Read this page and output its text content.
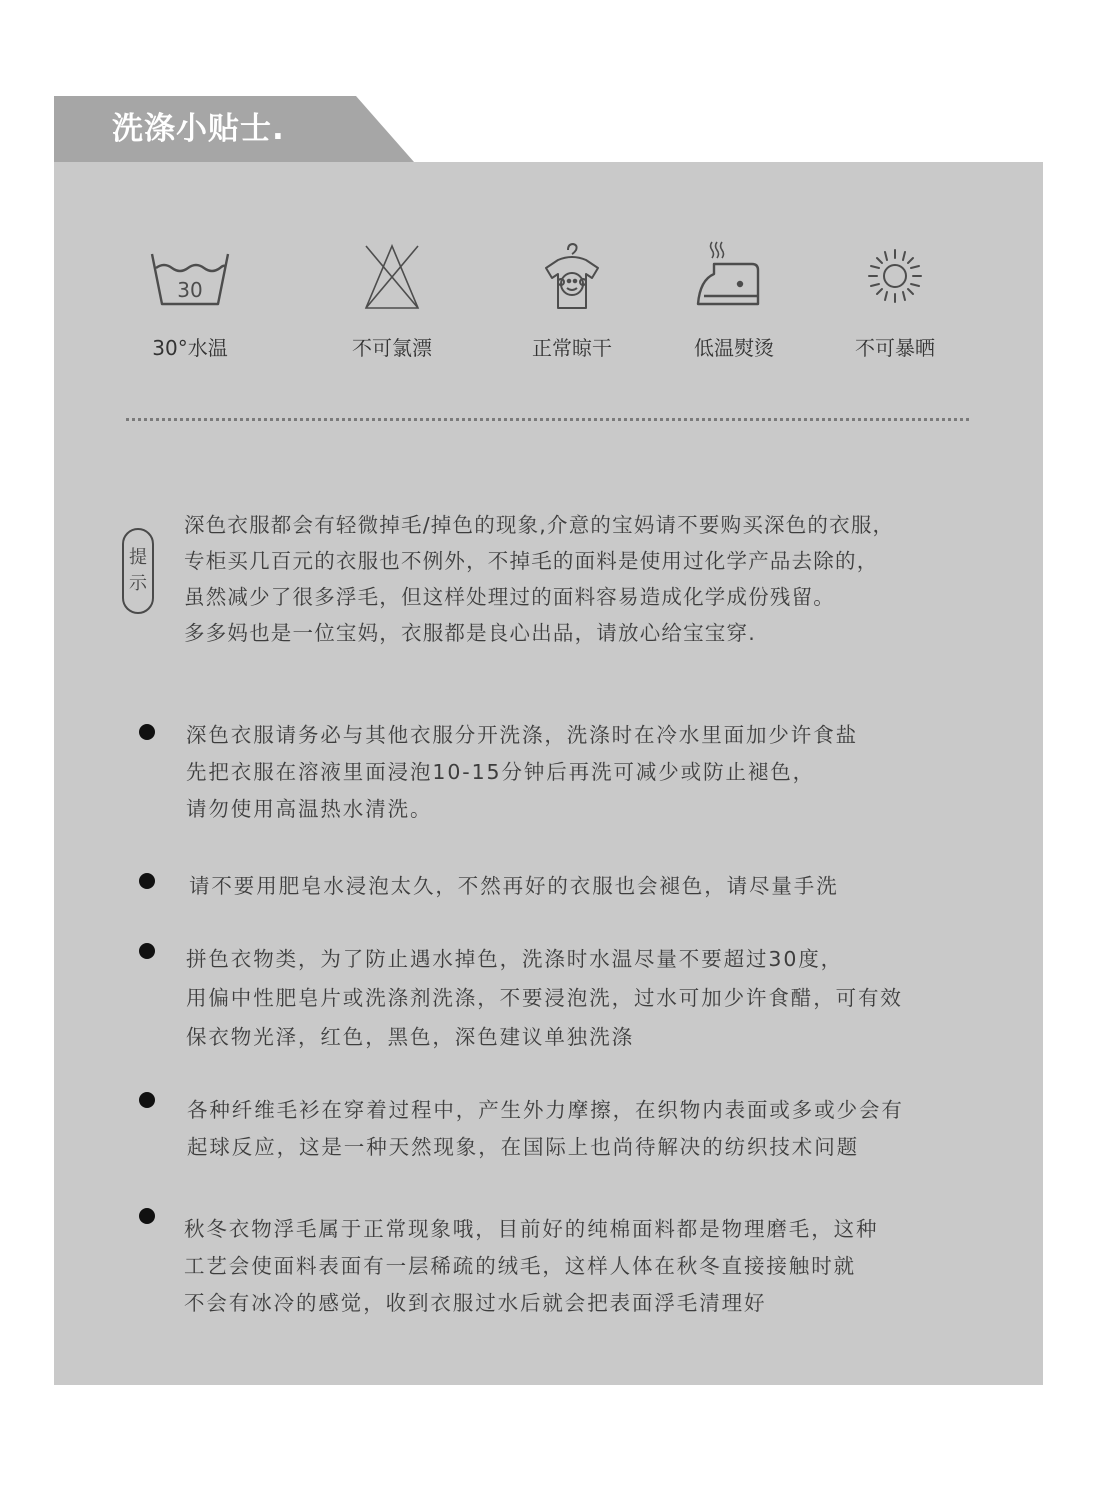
洗涤小贴士.
30
30°水温	不可氯漂	正常晾干	低温熨烫	不可暴晒
提
示
深色衣服都会有轻微掉毛/掉色的现象,介意的宝妈请不要购买深色的衣服，
专柜买几百元的衣服也不例外，不掉毛的面料是使用过化学产品去除的，
虽然减少了很多浮毛，但这样处理过的面料容易造成化学成份残留。
多多妈也是一位宝妈，衣服都是良心出品，请放心给宝宝穿.
深色衣服请务必与其他衣服分开洗涤，洗涤时在冷水里面加少许食盐
先把衣服在溶液里面浸泡10-15分钟后再洗可减少或防止褪色，
请勿使用高温热水清洗。
请不要用肥皂水浸泡太久，不然再好的衣服也会褪色，请尽量手洗
拼色衣物类，为了防止遇水掉色，洗涤时水温尽量不要超过30度，
用偏中性肥皂片或洗涤剂洗涤，不要浸泡洗，过水可加少许食醋，可有效
保衣物光泽，红色，黑色，深色建议单独洗涤
各种纤维毛衫在穿着过程中，产生外力摩擦，在织物内表面或多或少会有
起球反应，这是一种天然现象，在国际上也尚待解决的纺织技术问题
秋冬衣物浮毛属于正常现象哦，目前好的纯棉面料都是物理磨毛，这种
工艺会使面料表面有一层稀疏的绒毛，这样人体在秋冬直接接触时就
不会有冰冷的感觉，收到衣服过水后就会把表面浮毛清理好
